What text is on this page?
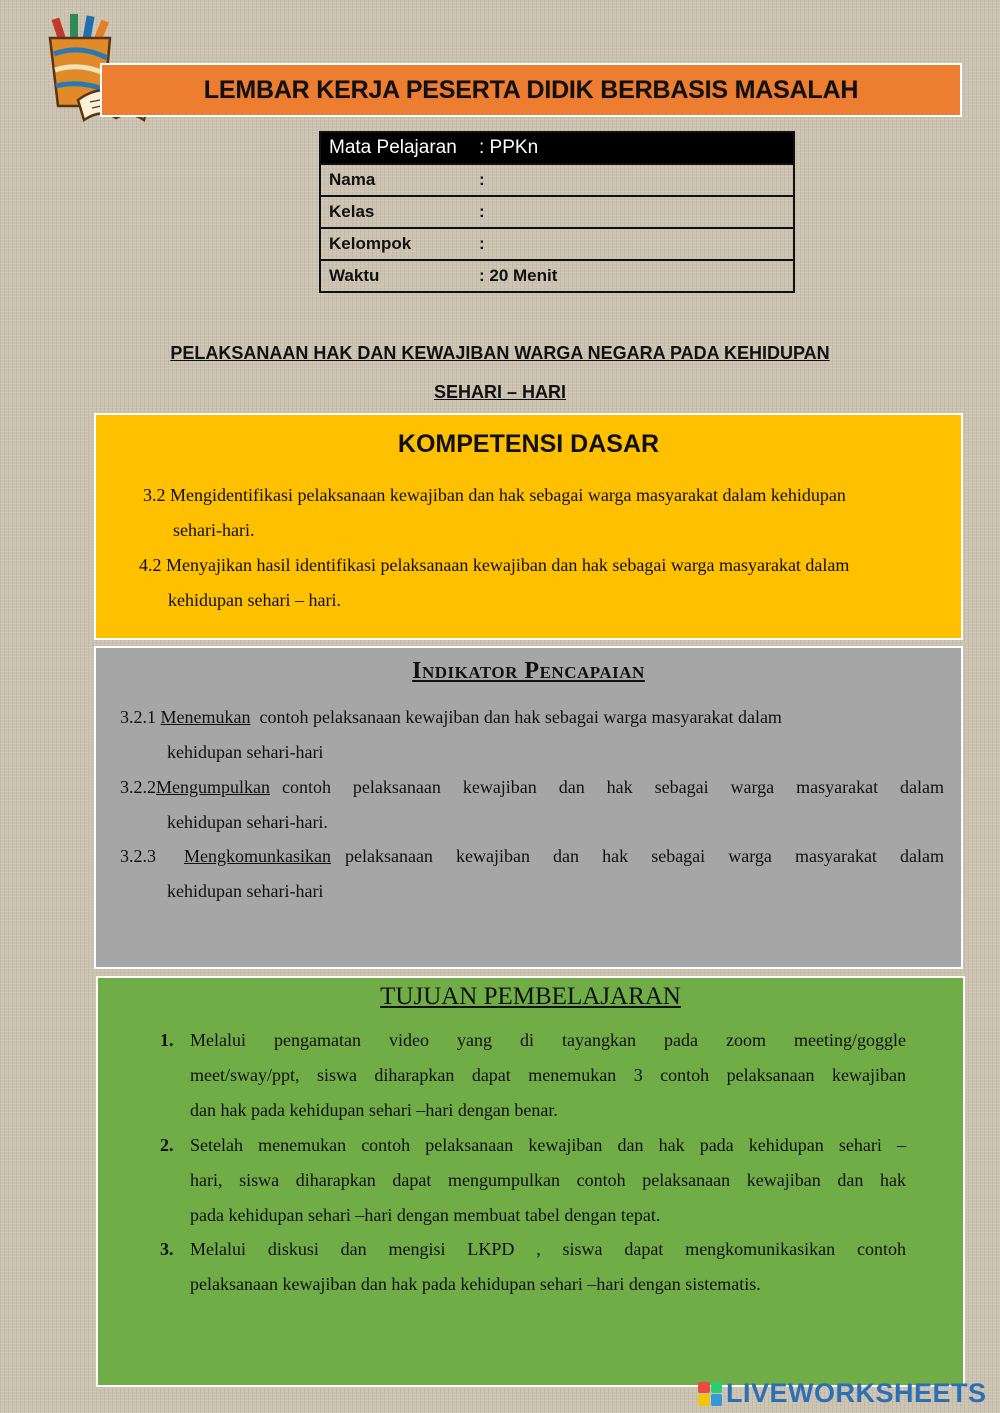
LEMBAR KERJA PESERTA DIDIK BERBASIS MASALAH
Mata Pelajaran	: PPKn
Nama	:
Kelas	:
Kelompok	:
Waktu	: 20 Menit
PELAKSANAAN HAK DAN KEWAJIBAN WARGA NEGARA PADA KEHIDUPAN
SEHARI – HARI
KOMPETENSI DASAR
3.2 Mengidentifikasi pelaksanaan kewajiban dan hak sebagai warga masyarakat dalam kehidupan
sehari-hari.
4.2 Menyajikan hasil identifikasi pelaksanaan kewajiban dan hak sebagai warga masyarakat dalam
kehidupan sehari – hari.
Indikator Pencapaian
3.2.1 Menemukan contoh pelaksanaan kewajiban dan hak sebagai warga masyarakat dalam
kehidupan sehari-hari
3.2.2 Mengumpulkan contoh pelaksanaan kewajiban dan hak sebagai warga masyarakat dalam
kehidupan sehari-hari.
3.2.3	Mengkomunkasikan pelaksanaan kewajiban dan hak sebagai warga masyarakat dalam
kehidupan sehari-hari
TUJUAN PEMBELAJARAN
1. Melalui pengamatan video yang di tayangkan pada zoom meeting/goggle
meet/sway/ppt, siswa diharapkan dapat menemukan 3 contoh pelaksanaan kewajiban
dan hak pada kehidupan sehari –hari dengan benar.
2. Setelah menemukan contoh pelaksanaan kewajiban dan hak pada kehidupan sehari –
hari, siswa diharapkan dapat mengumpulkan contoh pelaksanaan kewajiban dan hak
pada kehidupan sehari –hari dengan membuat tabel dengan tepat.
3. Melalui diskusi dan mengisi LKPD , siswa dapat mengkomunikasikan contoh
pelaksanaan kewajiban dan hak pada kehidupan sehari –hari dengan sistematis.
LIVEWORKSHEETS
